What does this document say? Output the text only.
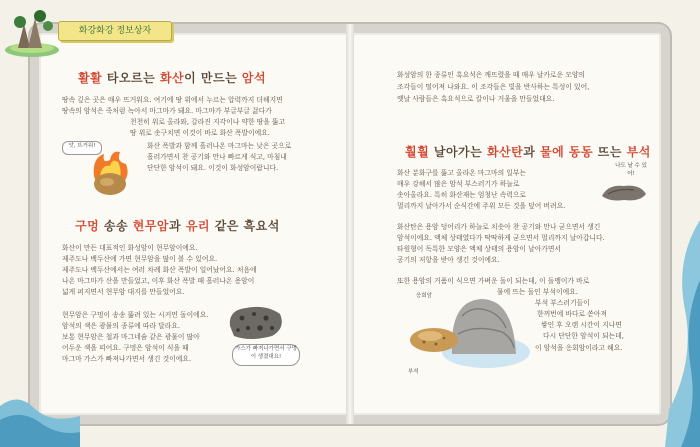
화강화강 정보상자
활활 타오르는 화산이 만드는 암석

땅속 깊은 곳은 매우 뜨거워요. 여기에 땅 위에서 누르는 압력까지 더해지면

땅속의 암석은 죽처럼 녹아서 마그마가 돼요. 마그마가 부글부글 끓다가

천천히 위로 올라와, 갈라진 지각이나 약한 땅을 뚫고

땅 위로 솟구치면 이것이 바로 화산 폭발이에요.

화산 폭발과 함께 흘러나온 마그마는 낮은 곳으로

흘러가면서 찬 공기와 만나 빠르게 식고, 마침내

단단한 암석이 돼요. 이것이 화성암이랍니다.

앗, 뜨거워!
구멍 송송 현무암과 유리 같은 흑요석

화산이 만든 대표적인 화성암이 현무암이에요.

제주도나 백두산에 가면 현무암을 많이 볼 수 있어요.

제주도나 백두산에서는 여러 차례 화산 폭발이 일어났어요. 처음에

나온 마그마가 산을 만들었고, 이후 화산 폭발 때 흘러나온 용암이

넓게 퍼지면서 현무암 대지를 만들었어요.

현무암은 구멍이 송송 뚫려 있는 시커먼 돌이에요.

암석의 색은 광물의 종류에 따라 달라요.

보통 현무암은 철과 마그네슘 같은 광물이 많아

어두운 색을 띠어요. 구멍은 암석이 식을 때

마그마 가스가 빠져나가면서 생긴 것이에요.

가스가 빠져나가면서 구멍이 생겼대요!

화성암의 한 종류인 흑요석은 깨뜨렸을 때 매우 날카로운 모양의

조각들이 떨어져 나와요. 이 조각들은 빛을 반사하는 특성이 있어,

옛날 사람들은 흑요석으로 칼이나 거울을 만들었대요.

훨훨 날아가는 화산탄과 물에 동동 뜨는 부석

화산 분화구를 뚫고 올라온 마그마의 일부는

매우 강해서 많은 암석 부스러기가 하늘로

솟아올라요. 특히 화산재는 엄청난 속력으로

멀리까지 날아가서 순식간에 주위 모든 것을 덮어 버려요.

화산탄은 용암 덩어리가 하늘로 치솟아 찬 공기와 만나 굳으면서 생긴

암석이에요. 액체 상태였다가 딱딱하게 굳으면서 멀리까지 날아갑니다.

타원형이 독특한 모양은 액체 상태의 용암이 날아가면서

공기의 저항을 받아 생긴 것이에요.

또한 용암의 거품이 식으면 가벼운 돌이 되는데, 이 돌멩이가 바로

물에 뜨는 돌인 부석이에요.

부석 부스러기들이

한꺼번에 바다로 쏟아져

쌓인 후 오랜 시간이 지나면

다시 단단한 암석이 되는데,

이 암석을 응회암이라고 해요.

나도 날 수 있어!
응회암
부석
